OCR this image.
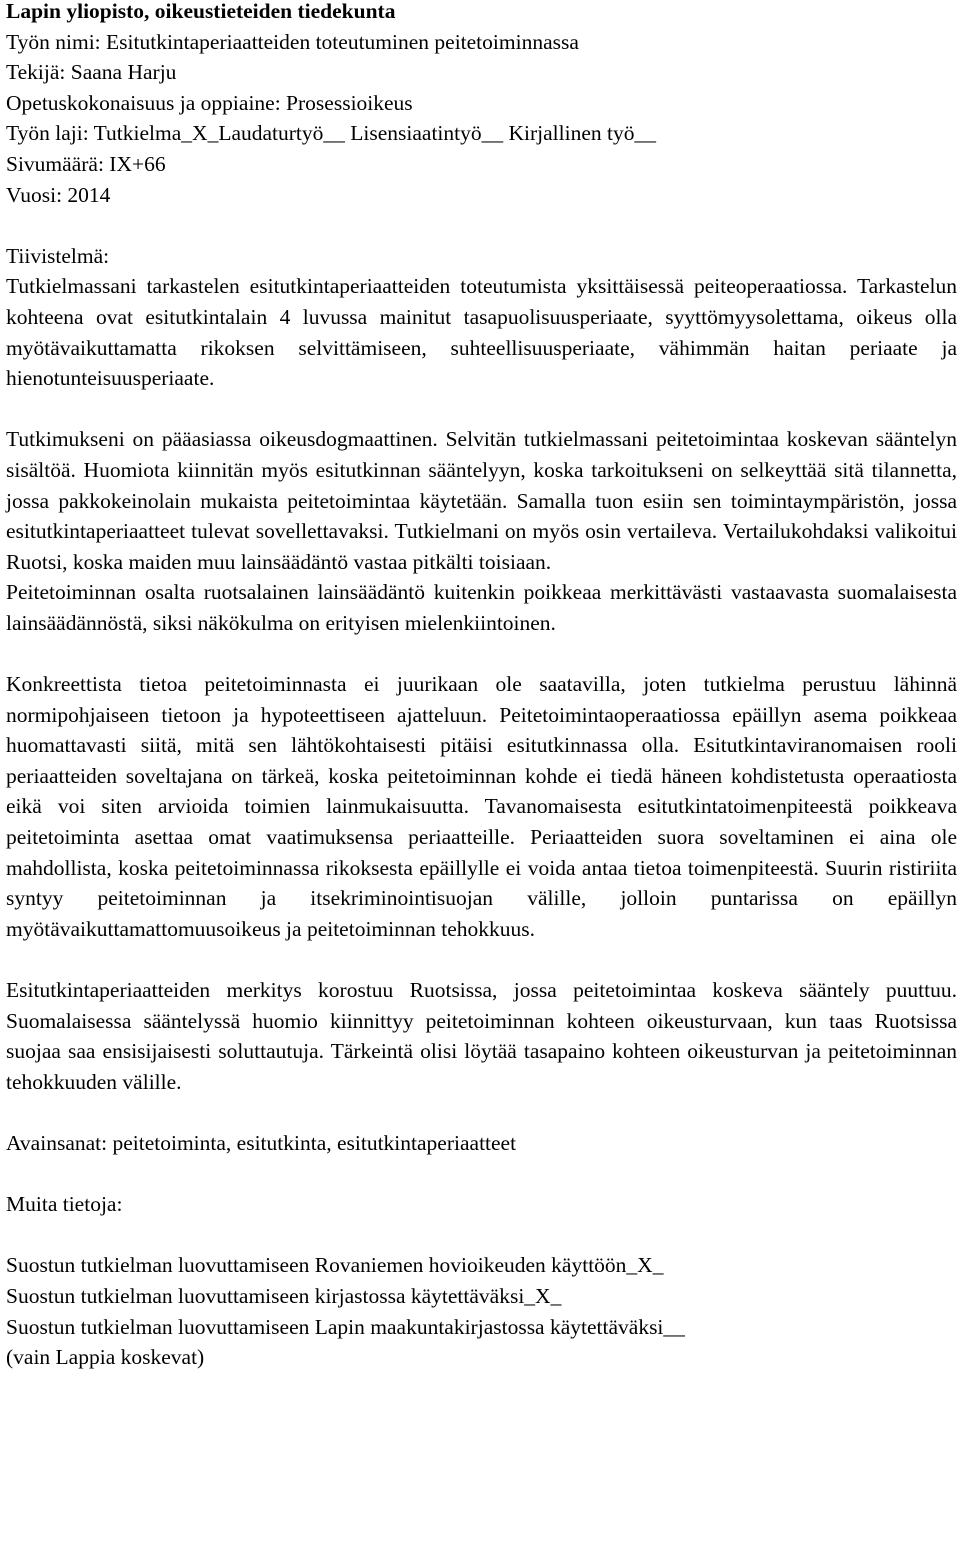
Lapin yliopisto, oikeustieteiden tiedekunta
Työn nimi: Esitutkintaperiaatteiden toteutuminen peitetoiminnassa
Tekijä: Saana Harju
Opetuskokonaisuus ja oppiaine: Prosessioikeus
Työn laji: Tutkielma_X_Laudaturtyö__ Lisensiaatintyö__ Kirjallinen työ__
Sivumäärä: IX+66
Vuosi: 2014
Tiivistelmä:
Tutkielmassani tarkastelen esitutkintaperiaatteiden toteutumista yksittäisessä peiteoperaatiossa. Tarkastelun kohteena ovat esitutkintalain 4 luvussa mainitut tasapuolisuusperiaate, syyttömyysolettama, oikeus olla myötävaikuttamatta rikoksen selvittämiseen, suhteellisuusperiaate, vähimmän haitan periaate ja hienotunteisuusperiaate.
Tutkimukseni on pääasiassa oikeusdogmaattinen. Selvitän tutkielmassani peitetoimintaa koskevan sääntelyn sisältöä. Huomiota kiinnitän myös esitutkinnan sääntelyyn, koska tarkoitukseni on selkeyttää sitä tilannetta, jossa pakkokeinolain mukaista peitetoimintaa käytetään. Samalla tuon esiin sen toimintaympäristön, jossa esitutkintaperiaatteet tulevat sovellettavaksi. Tutkielmani on myös osin vertaileva. Vertailukohdaksi valikoitui Ruotsi, koska maiden muu lainsäädäntö vastaa pitkälti toisiaan.
Peitetoiminnan osalta ruotsalainen lainsäädäntö kuitenkin poikkeaa merkittävästi vastaavasta suomalaisesta lainsäädännöstä, siksi näkökulma on erityisen mielenkiintoinen.
Konkreettista tietoa peitetoiminnasta ei juurikaan ole saatavilla, joten tutkielma perustuu lähinnä normipohjaiseen tietoon ja hypoteettiseen ajatteluun. Peitetoimintaoperaatiossa epäillyn asema poikkeaa huomattavasti siitä, mitä sen lähtökohtaisesti pitäisi esitutkinnassa olla. Esitutkintaviranomaisen rooli periaatteiden soveltajana on tärkeä, koska peitetoiminnan kohde ei tiedä häneen kohdistetusta operaatiosta eikä voi siten arvioida toimien lainmukaisuutta. Tavanomaisesta esitutkintatoimenpiteestä poikkeava peitetoiminta asettaa omat vaatimuksensa periaatteille. Periaatteiden suora soveltaminen ei aina ole mahdollista, koska peitetoiminnassa rikoksesta epäillylle ei voida antaa tietoa toimenpiteestä. Suurin ristiriita syntyy peitetoiminnan ja itsekriminointisuojan välille, jolloin puntarissa on epäillyn myötävaikuttamattomuusoikeus ja peitetoiminnan tehokkuus.
Esitutkintaperiaatteiden merkitys korostuu Ruotsissa, jossa peitetoimintaa koskeva sääntely puuttuu. Suomalaisessa sääntelyssä huomio kiinnittyy peitetoiminnan kohteen oikeusturvaan, kun taas Ruotsissa suojaa saa ensisijaisesti soluttautuja. Tärkeintä olisi löytää tasapaino kohteen oikeusturvan ja peitetoiminnan tehokkuuden välille.
Avainsanat: peitetoiminta, esitutkinta, esitutkintaperiaatteet
Muita tietoja:
Suostun tutkielman luovuttamiseen Rovaniemen hovioikeuden käyttöön_X_
Suostun tutkielman luovuttamiseen kirjastossa käytettäväksi_X_
Suostun tutkielman luovuttamiseen Lapin maakuntakirjastossa käytettäväksi__
(vain Lappia koskevat)
